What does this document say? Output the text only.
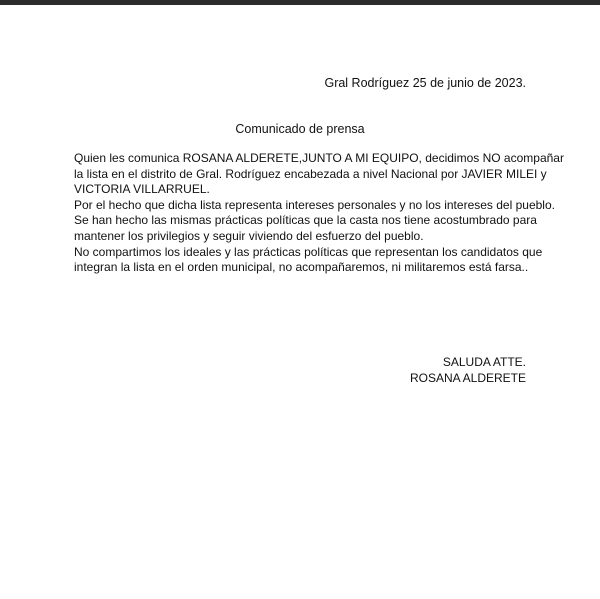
Gral Rodríguez 25 de junio de 2023.
Comunicado de prensa
Quien les comunica ROSANA ALDERETE,JUNTO A MI EQUIPO, decidimos NO acompañar
la lista en el distrito de Gral. Rodríguez encabezada a nivel Nacional por JAVIER MILEI y
VICTORIA VILLARRUEL.
Por el hecho que dicha lista representa intereses personales y no los intereses del pueblo.
Se han hecho las mismas prácticas políticas que la casta nos tiene acostumbrado para
mantener los privilegios y seguir viviendo del esfuerzo del pueblo.
No compartimos los ideales y las prácticas políticas que representan los candidatos que
integran la lista en el orden municipal, no acompañaremos, ni militaremos está farsa..
SALUDA ATTE.
ROSANA ALDERETE
